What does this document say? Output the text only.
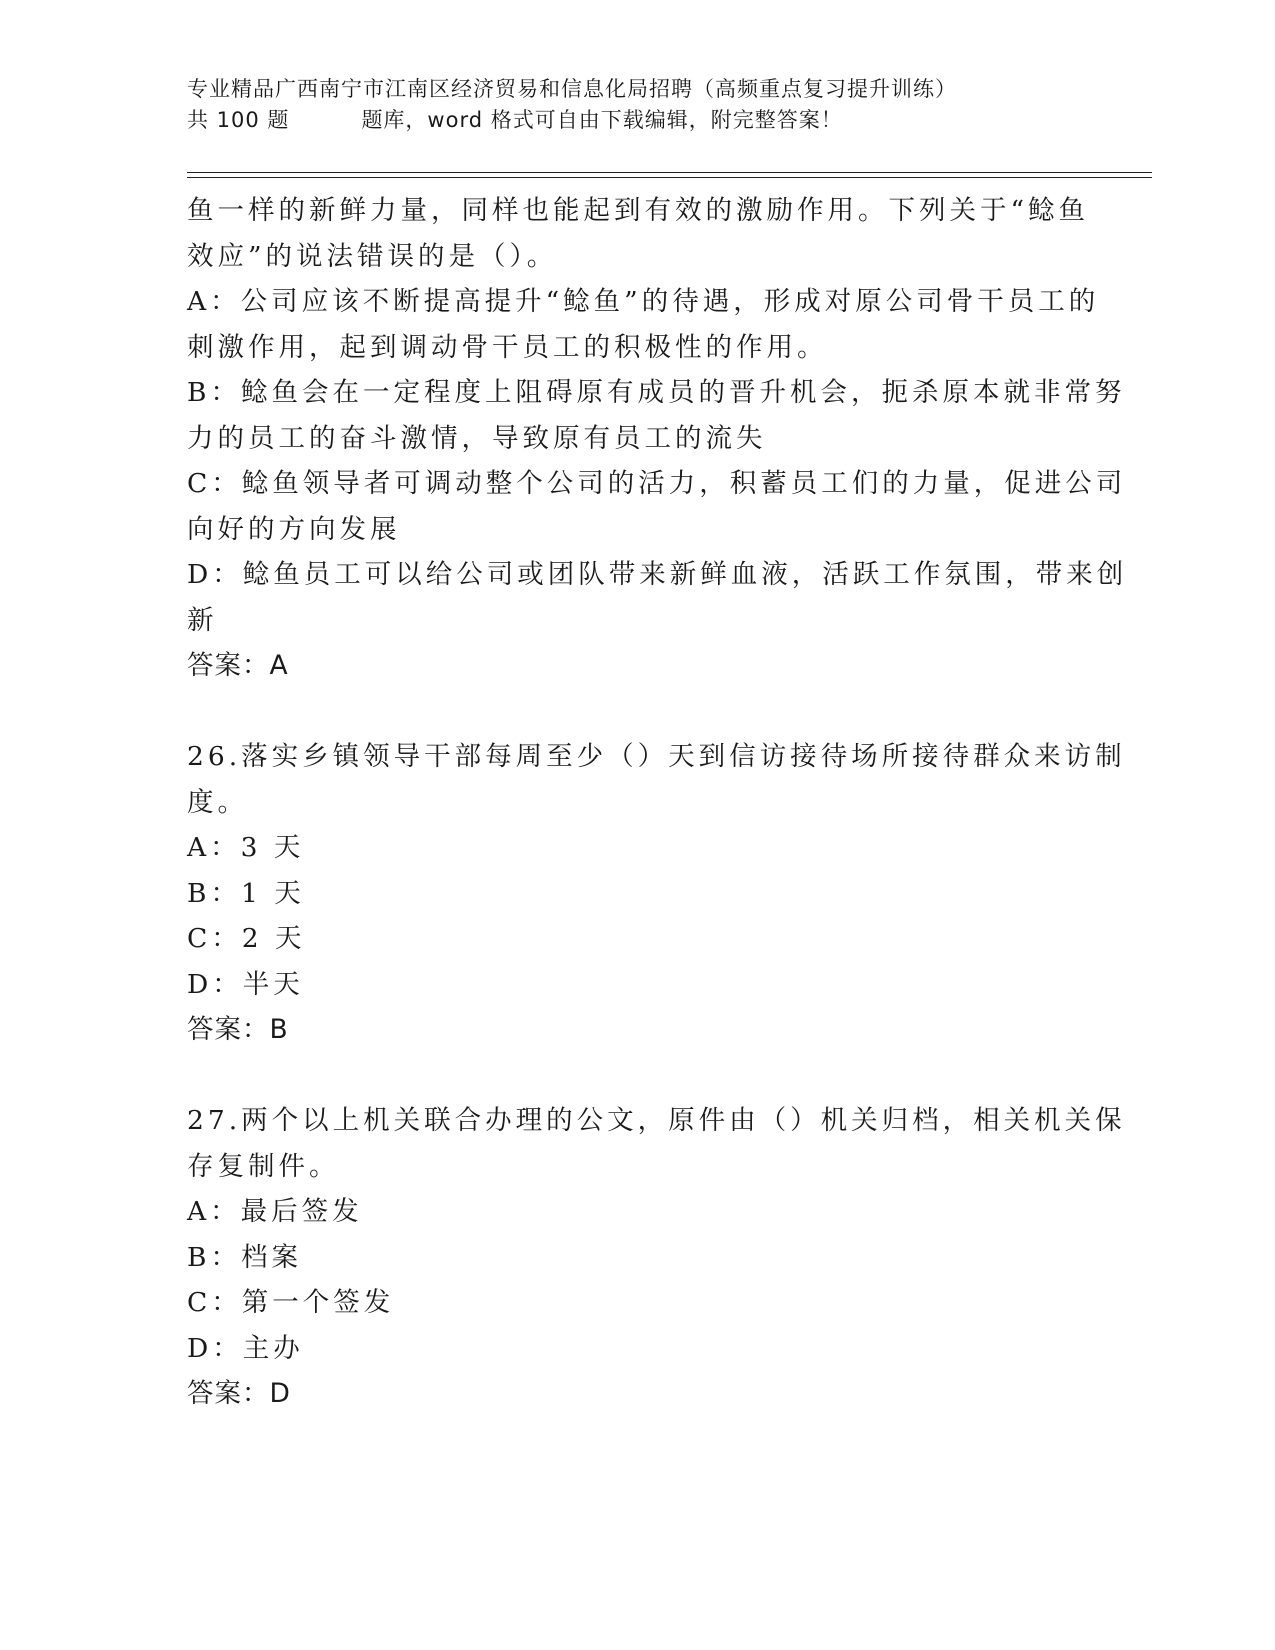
专业精品广西南宁市江南区经济贸易和信息化局招聘（高频重点复习提升训练）
共 100 题	题库，word 格式可自由下载编辑，附完整答案！
鱼一样的新鲜力量，同样也能起到有效的激励作用。下列关于“鲶鱼
效应”的说法错误的是（）。
A：公司应该不断提高提升“鲶鱼”的待遇，形成对原公司骨干员工的
刺激作用，起到调动骨干员工的积极性的作用。
B：鲶鱼会在一定程度上阻碍原有成员的晋升机会，扼杀原本就非常努
力的员工的奋斗激情，导致原有员工的流失
C：鲶鱼领导者可调动整个公司的活力，积蓄员工们的力量，促进公司
向好的方向发展
D：鲶鱼员工可以给公司或团队带来新鲜血液，活跃工作氛围，带来创
新
答案：A
26.落实乡镇领导干部每周至少（）天到信访接待场所接待群众来访制
度。
A：3 天
B：1 天
C：2 天
D：半天
答案：B
27.两个以上机关联合办理的公文，原件由（）机关归档，相关机关保
存复制件。
A：最后签发
B：档案
C：第一个签发
D：主办
答案：D
